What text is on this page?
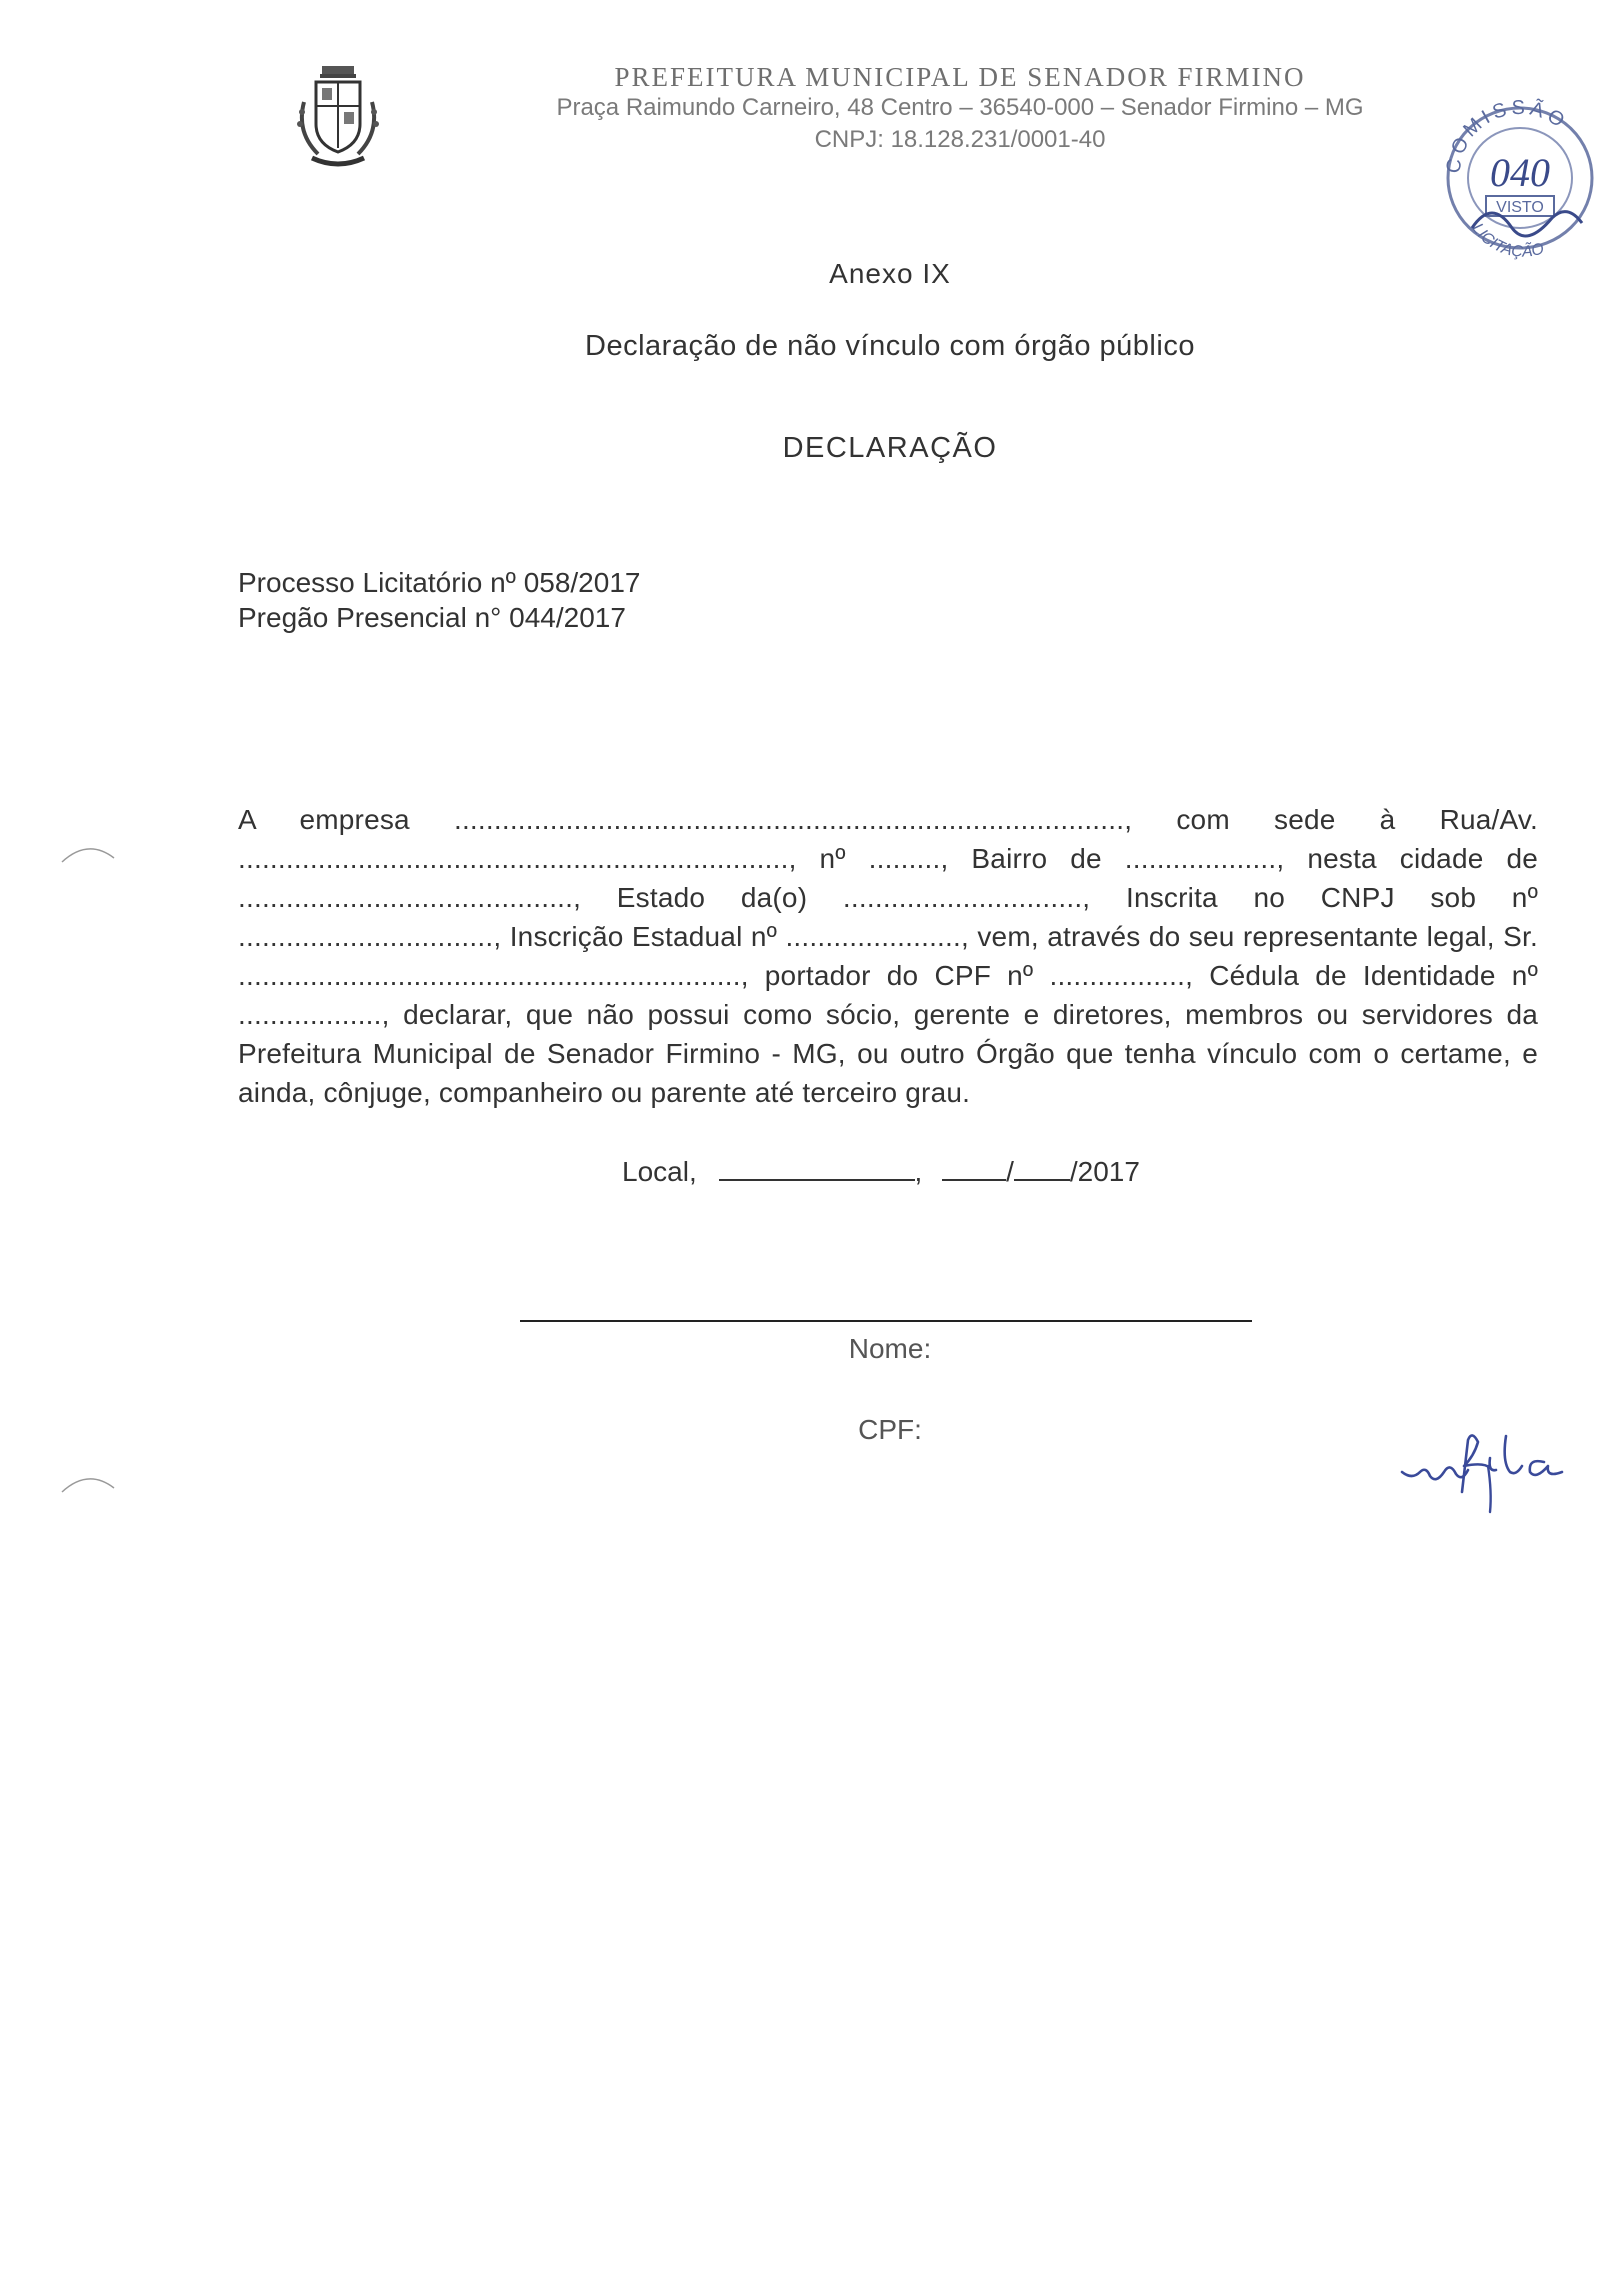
PREFEITURA MUNICIPAL DE SENADOR FIRMINO
Praça Raimundo Carneiro, 48 Centro – 36540-000 – Senador Firmino – MG
CNPJ: 18.128.231/0001-40
COMISSÃO
040
VISTO
LICITAÇÃO
Anexo IX
Declaração de não vínculo com órgão público
DECLARAÇÃO
Processo Licitatório nº 058/2017
Pregão Presencial n° 044/2017
A empresa ...................................................................................., com sede à Rua/Av. ....................................................................., nº ........., Bairro de ..................., nesta cidade de .........................................., Estado da(o) .............................., Inscrita no CNPJ sob nº ................................, Inscrição Estadual nº ......................, vem, através do seu representante legal, Sr. ..............................................................., portador do CPF nº ................., Cédula de Identidade nº .................., declarar, que não possui como sócio, gerente e diretores, membros ou servidores da Prefeitura Municipal de Senador Firmino - MG, ou outro Órgão que tenha vínculo com o certame, e ainda, cônjuge, companheiro ou parente até terceiro grau.
Local,	,	/ /2017
Nome:
CPF:
